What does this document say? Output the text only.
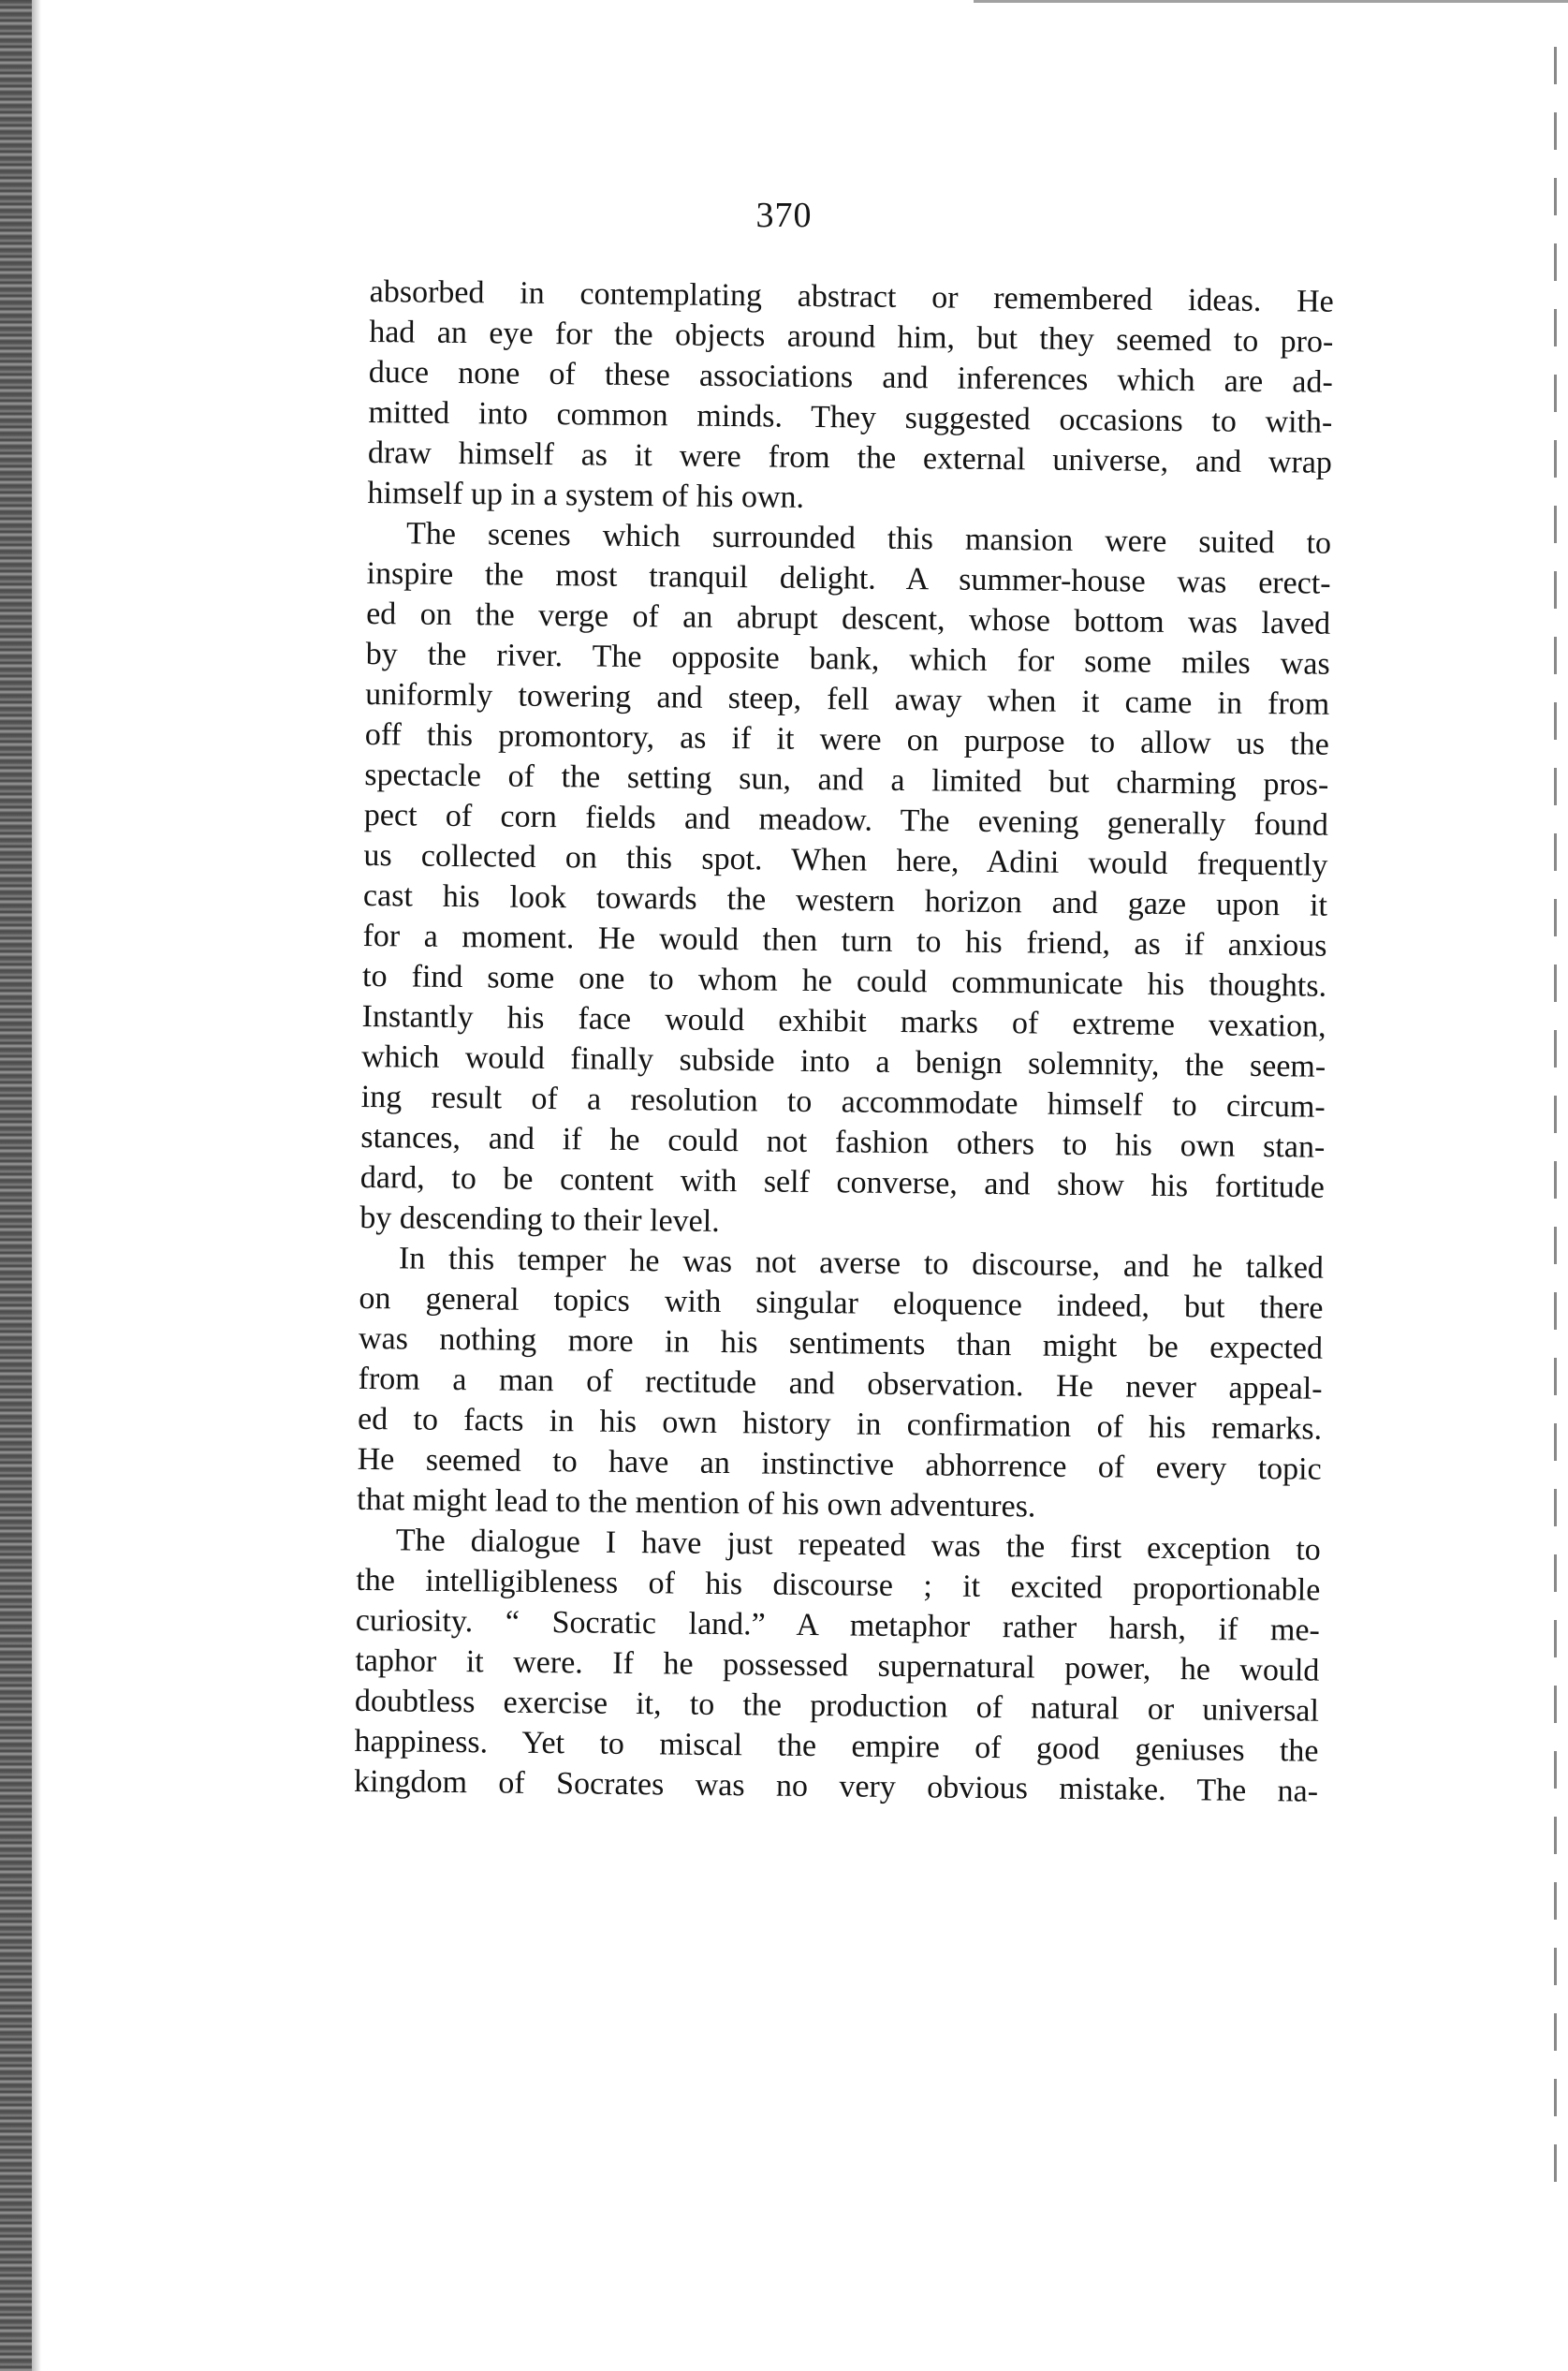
370

absorbed in contemplating abstract or remembered ideas. He
had an eye for the objects around him, but they seemed to pro-
duce none of these associations and inferences which are ad-
mitted into common minds. They suggested occasions to with-
draw himself as it were from the external universe, and wrap
himself up in a system of his own.

The scenes which surrounded this mansion were suited to
inspire the most tranquil delight. A summer-house was erect-
ed on the verge of an abrupt descent, whose bottom was laved
by the river. The opposite bank, which for some miles was
uniformly towering and steep, fell away when it came in from
off this promontory, as if it were on purpose to allow us the
spectacle of the setting sun, and a limited but charming pros-
pect of corn fields and meadow. The evening generally found
us collected on this spot. When here, Adini would frequently
cast his look towards the western horizon and gaze upon it
for a moment. He would then turn to his friend, as if anxious
to find some one to whom he could communicate his thoughts.
Instantly his face would exhibit marks of extreme vexation,
which would finally subside into a benign solemnity, the seem-
ing result of a resolution to accommodate himself to circum-
stances, and if he could not fashion others to his own stan-
dard, to be content with self converse, and show his fortitude
by descending to their level.

In this temper he was not averse to discourse, and he talked
on general topics with singular eloquence indeed, but there
was nothing more in his sentiments than might be expected
from a man of rectitude and observation. He never appeal-
ed to facts in his own history in confirmation of his remarks.
He seemed to have an instinctive abhorrence of every topic
that might lead to the mention of his own adventures.

The dialogue I have just repeated was the first exception to
the intelligibleness of his discourse ; it excited proportionable
curiosity. “ Socratic land.” A metaphor rather harsh, if me-
taphor it were. If he possessed supernatural power, he would
doubtless exercise it, to the production of natural or universal
happiness. Yet to miscal the empire of good geniuses the
kingdom of Socrates was no very obvious mistake. The na-
